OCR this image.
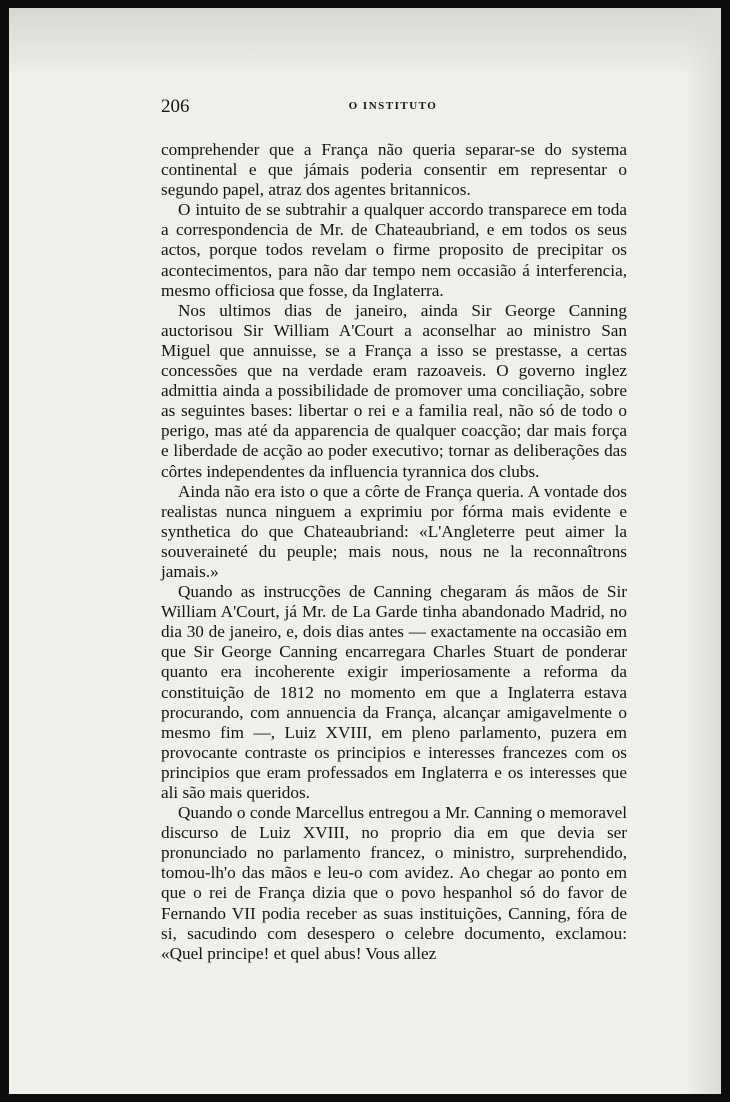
206	O INSTITUTO

comprehender que a França não queria separar-se do systema continental e que jámais poderia consentir em representar o segundo papel, atraz dos agentes britannicos.

O intuito de se subtrahir a qualquer accordo transparece em toda a correspondencia de Mr. de Chateaubriand, e em todos os seus actos, porque todos revelam o firme proposito de precipitar os acontecimentos, para não dar tempo nem occasião á interferencia, mesmo officiosa que fosse, da Inglaterra.

Nos ultimos dias de janeiro, ainda Sir George Canning auctorisou Sir William A'Court a aconselhar ao ministro San Miguel que annuisse, se a França a isso se prestasse, a certas concessões que na verdade eram razoaveis. O governo inglez admittia ainda a possibilidade de promover uma conciliação, sobre as seguintes bases: libertar o rei e a familia real, não só de todo o perigo, mas até da apparencia de qualquer coacção; dar mais força e liberdade de acção ao poder executivo; tornar as deliberações das côrtes independentes da influencia tyrannica dos clubs.

Ainda não era isto o que a côrte de França queria. A vontade dos realistas nunca ninguem a exprimiu por fórma mais evidente e synthetica do que Chateaubriand: «L'Angleterre peut aimer la souveraineté du peuple; mais nous, nous ne la reconnaîtrons jamais.»

Quando as instrucções de Canning chegaram ás mãos de Sir William A'Court, já Mr. de La Garde tinha abandonado Madrid, no dia 30 de janeiro, e, dois dias antes — exactamente na occasião em que Sir George Canning encarregara Charles Stuart de ponderar quanto era incoherente exigir imperiosamente a reforma da constituição de 1812 no momento em que a Inglaterra estava procurando, com annuencia da França, alcançar amigavelmente o mesmo fim —, Luiz XVIII, em pleno parlamento, puzera em provocante contraste os principios e interesses francezes com os principios que eram professados em Inglaterra e os interesses que ali são mais queridos.

Quando o conde Marcellus entregou a Mr. Canning o memoravel discurso de Luiz XVIII, no proprio dia em que devia ser pronunciado no parlamento francez, o ministro, surprehendido, tomou-lh'o das mãos e leu-o com avidez. Ao chegar ao ponto em que o rei de França dizia que o povo hespanhol só do favor de Fernando VII podia receber as suas instituições, Canning, fóra de si, sacudindo com desespero o celebre documento, exclamou: «Quel principe! et quel abus! Vous allez
